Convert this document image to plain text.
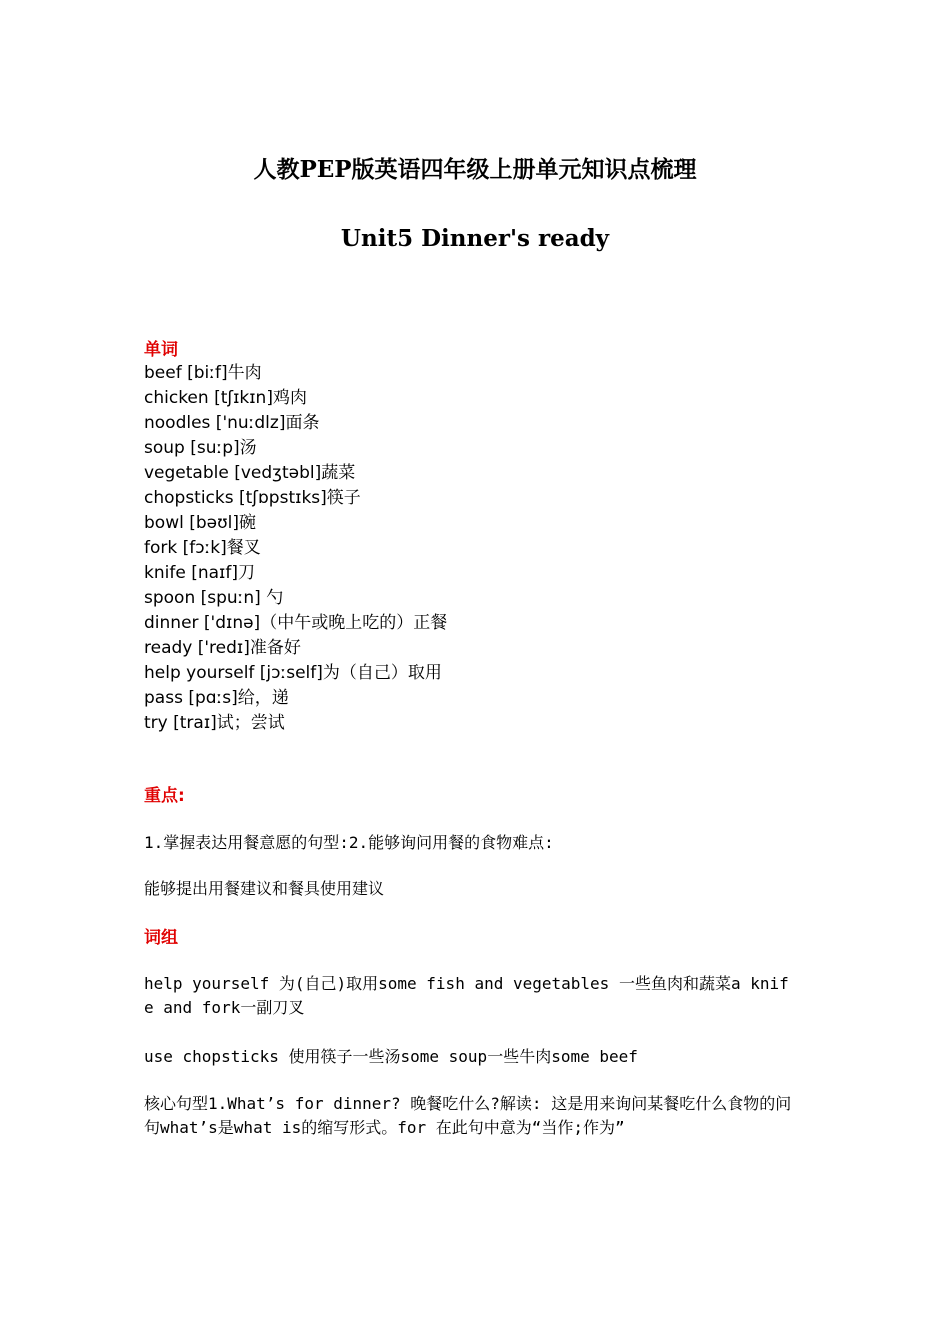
人教PEP版英语四年级上册单元知识点梳理
Unit5 Dinner's ready
单词
beef [biːf]牛肉
chicken [tʃɪkɪn]鸡肉
noodles ['nuːdlz]面条
soup [suːp]汤
vegetable [vedʒtəbl]蔬菜
chopsticks [tʃɒpstɪks]筷子
bowl [bəʊl]碗
fork [fɔːk]餐叉
knife [naɪf]刀
spoon [spuːn] 勺
dinner ['dɪnə]（中午或晚上吃的）正餐
ready ['redɪ]准备好
help yourself [jɔːself]为（自己）取用
pass [pɑːs]给，递
try [traɪ]试；尝试
重点:

1.掌握表达用餐意愿的句型:2.能够询问用餐的食物难点:

能够提出用餐建议和餐具使用建议

词组

help yourself 为(自己)取用some fish and vegetables 一些鱼肉和蔬菜a knife and fork一副刀叉

use chopsticks 使用筷子一些汤some soup一些牛肉some beef

核心句型1.What’s for dinner? 晚餐吃什么?解读: 这是用来询问某餐吃什么食物的问句what’s是what is的缩写形式。for 在此句中意为“当作;作为”
